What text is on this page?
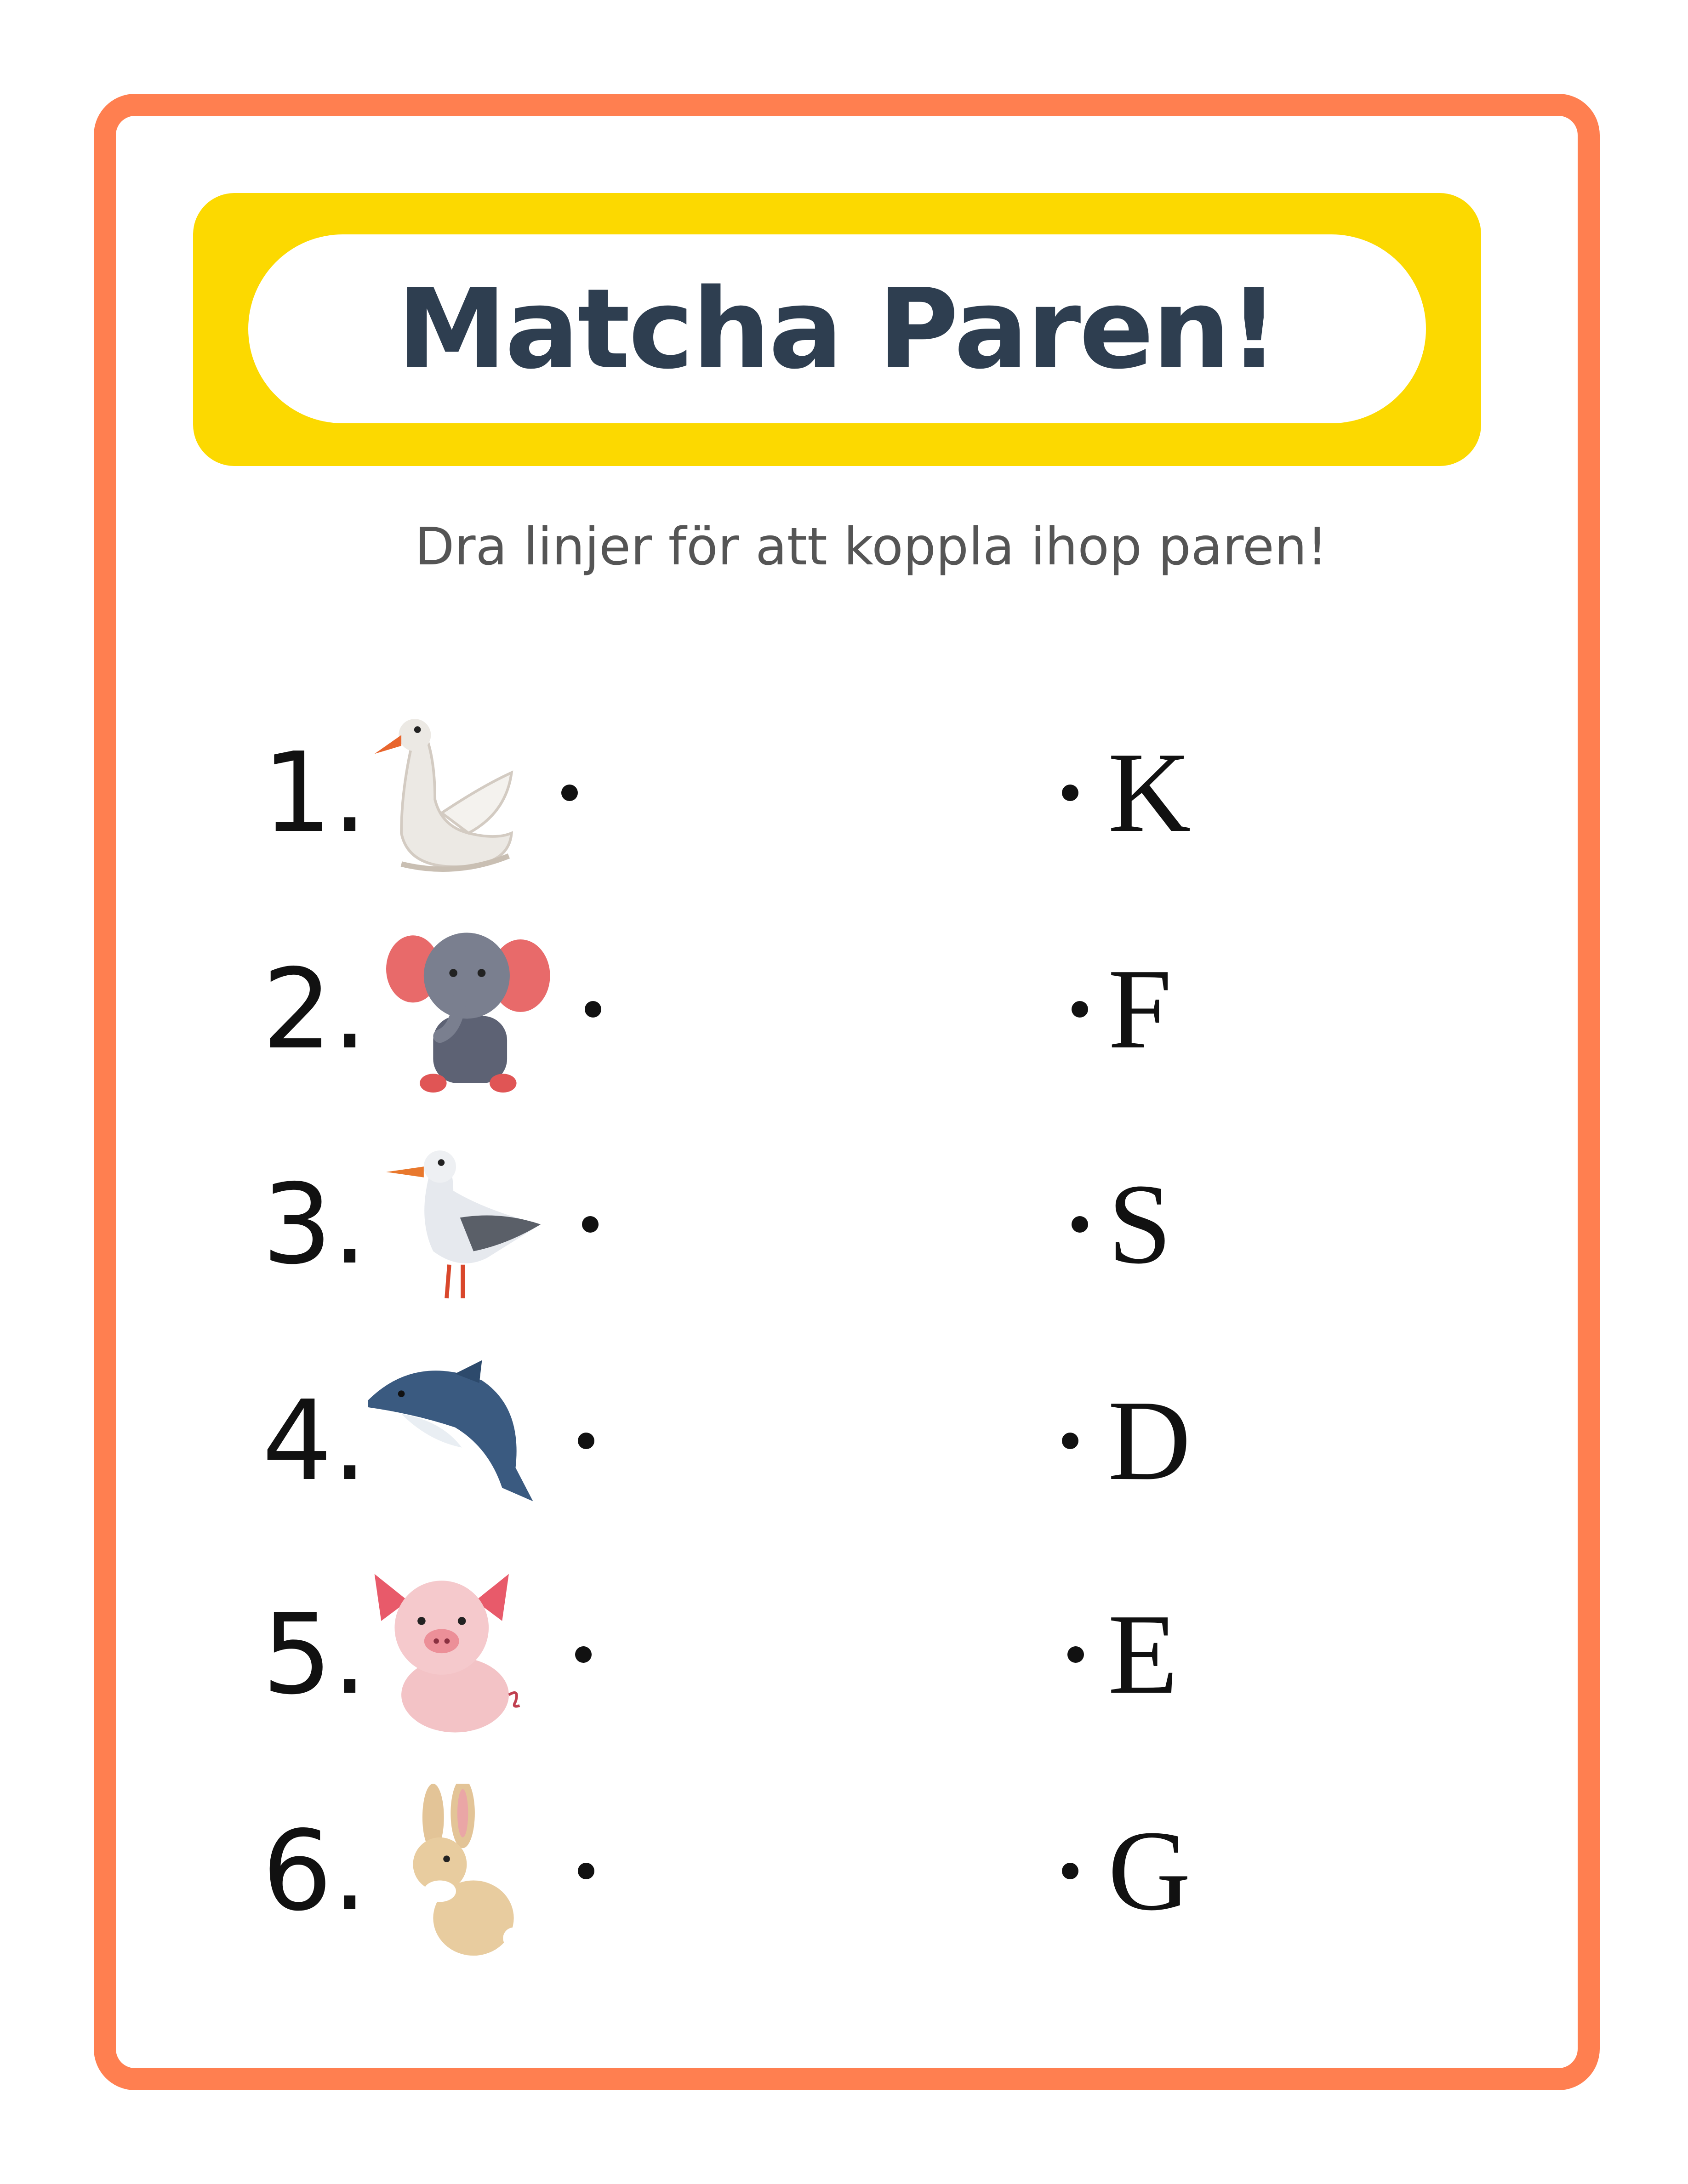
Matcha Paren!
Dra linjer för att koppla ihop paren!
1.	K
2.	F
3.	S
4.	D
5.	E
6.	G
